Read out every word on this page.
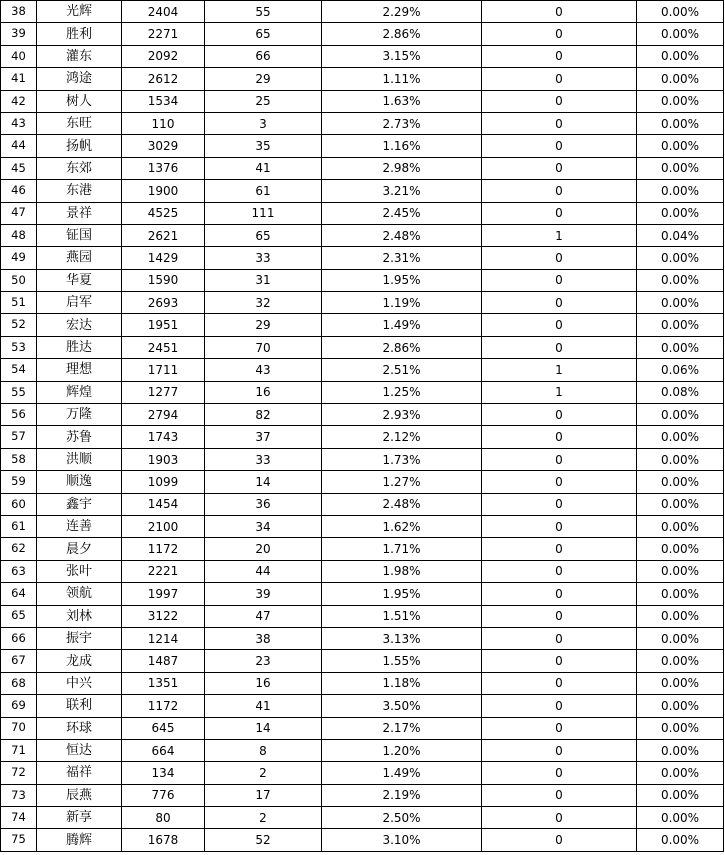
38	光辉	2404	55	2.29%	0	0.00%
39	胜利	2271	65	2.86%	0	0.00%
40	灌东	2092	66	3.15%	0	0.00%
41	鸿途	2612	29	1.11%	0	0.00%
42	树人	1534	25	1.63%	0	0.00%
43	东旺	110	3	2.73%	0	0.00%
44	扬帆	3029	35	1.16%	0	0.00%
45	东郊	1376	41	2.98%	0	0.00%
46	东港	1900	61	3.21%	0	0.00%
47	景祥	4525	111	2.45%	0	0.00%
48	钲国	2621	65	2.48%	1	0.04%
49	燕园	1429	33	2.31%	0	0.00%
50	华夏	1590	31	1.95%	0	0.00%
51	启军	2693	32	1.19%	0	0.00%
52	宏达	1951	29	1.49%	0	0.00%
53	胜达	2451	70	2.86%	0	0.00%
54	理想	1711	43	2.51%	1	0.06%
55	辉煌	1277	16	1.25%	1	0.08%
56	万隆	2794	82	2.93%	0	0.00%
57	苏鲁	1743	37	2.12%	0	0.00%
58	洪顺	1903	33	1.73%	0	0.00%
59	顺逸	1099	14	1.27%	0	0.00%
60	鑫宇	1454	36	2.48%	0	0.00%
61	连善	2100	34	1.62%	0	0.00%
62	晨夕	1172	20	1.71%	0	0.00%
63	张叶	2221	44	1.98%	0	0.00%
64	领航	1997	39	1.95%	0	0.00%
65	刘林	3122	47	1.51%	0	0.00%
66	振宇	1214	38	3.13%	0	0.00%
67	龙成	1487	23	1.55%	0	0.00%
68	中兴	1351	16	1.18%	0	0.00%
69	联利	1172	41	3.50%	0	0.00%
70	环球	645	14	2.17%	0	0.00%
71	恒达	664	8	1.20%	0	0.00%
72	福祥	134	2	1.49%	0	0.00%
73	辰燕	776	17	2.19%	0	0.00%
74	新享	80	2	2.50%	0	0.00%
75	腾辉	1678	52	3.10%	0	0.00%
